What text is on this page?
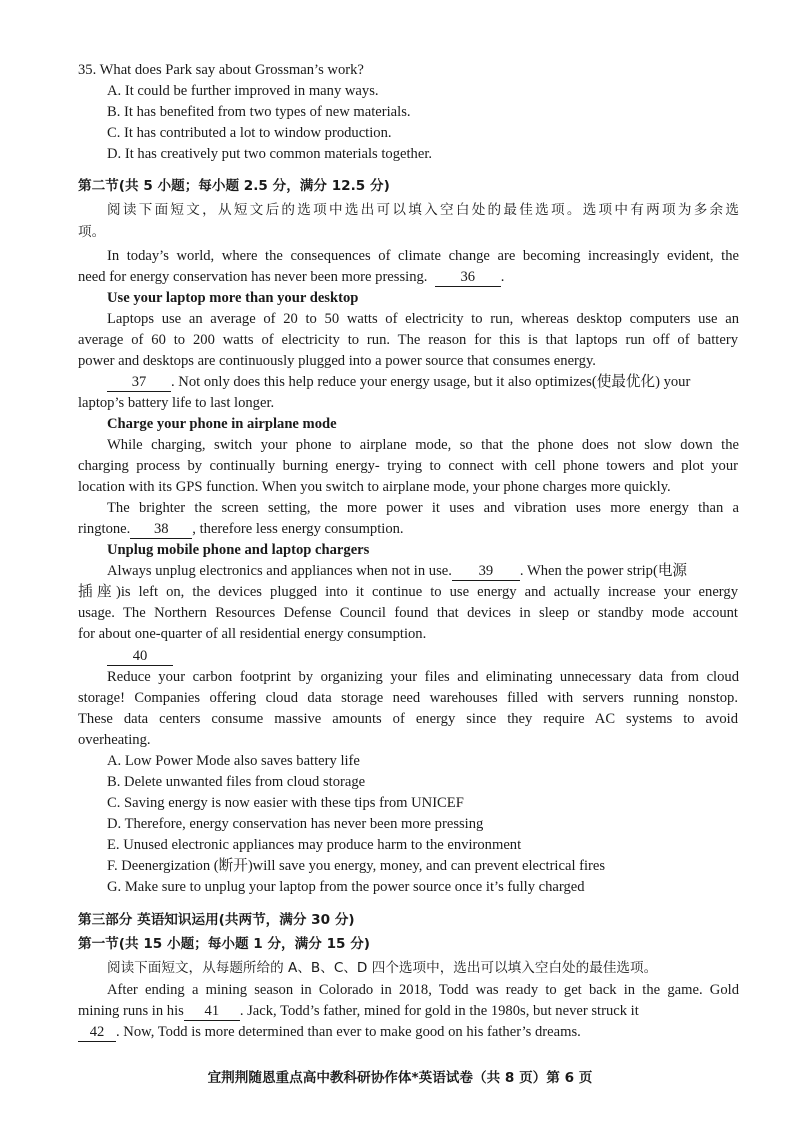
35. What does Park say about Grossman’s work?
A. It could be further improved in many ways.
B. It has benefited from two types of new materials.
C. It has contributed a lot to window production.
D. It has creatively put two common materials together.
第二节(共 5 小题；每小题 2.5 分，满分 12.5 分)
阅读下面短文，从短文后的选项中选出可以填入空白处的最佳选项。选项中有两项为多余选
项。
In today’s world, where the consequences of climate change are becoming increasingly evident, the
need for energy conservation has never been more pressing. 36 .
Use your laptop more than your desktop
Laptops use an average of 20 to 50 watts of electricity to run, whereas desktop computers use an
average of 60 to 200 watts of electricity to run. The reason for this is that laptops run off of battery
power and desktops are continuously plugged into a power source that consumes energy.
37 . Not only does this help reduce your energy usage, but it also optimizes(使最优化) your
laptop’s battery life to last longer.
Charge your phone in airplane mode
While charging, switch your phone to airplane mode, so that the phone does not slow down the
charging process by continually burning energy- trying to connect with cell phone towers and plot your
location with its GPS function. When you switch to airplane mode, your phone charges more quickly.
The brighter the screen setting, the more power it uses and vibration uses more energy than a
ringtone. 38 , therefore less energy consumption.
Unplug mobile phone and laptop chargers
Always unplug electronics and appliances when not in use. 39 . When the power strip(电源
插座)is left on, the devices plugged into it continue to use energy and actually increase your energy
usage. The Northern Resources Defense Council found that devices in sleep or standby mode account
for about one-quarter of all residential energy consumption.
40
Reduce your carbon footprint by organizing your files and eliminating unnecessary data from cloud
storage! Companies offering cloud data storage need warehouses filled with servers running nonstop.
These data centers consume massive amounts of energy since they require AC systems to avoid
overheating.
A. Low Power Mode also saves battery life
B. Delete unwanted files from cloud storage
C. Saving energy is now easier with these tips from UNICEF
D. Therefore, energy conservation has never been more pressing
E. Unused electronic appliances may produce harm to the environment
F. Deenergization (断开)will save you energy, money, and can prevent electrical fires
G. Make sure to unplug your laptop from the power source once it’s fully charged
第三部分 英语知识运用(共两节，满分 30 分)
第一节(共 15 小题；每小题 1 分，满分 15 分)
阅读下面短文，从每题所给的 A、B、C、D 四个选项中，选出可以填入空白处的最佳选项。
After ending a mining season in Colorado in 2018, Todd was ready to get back in the game. Gold
mining runs in his 41 . Jack, Todd’s father, mined for gold in the 1980s, but never struck it
42 . Now, Todd is more determined than ever to make good on his father’s dreams.
宜荆荆随恩重点高中教科研协作体*英语试卷（共 8 页）第 6 页
